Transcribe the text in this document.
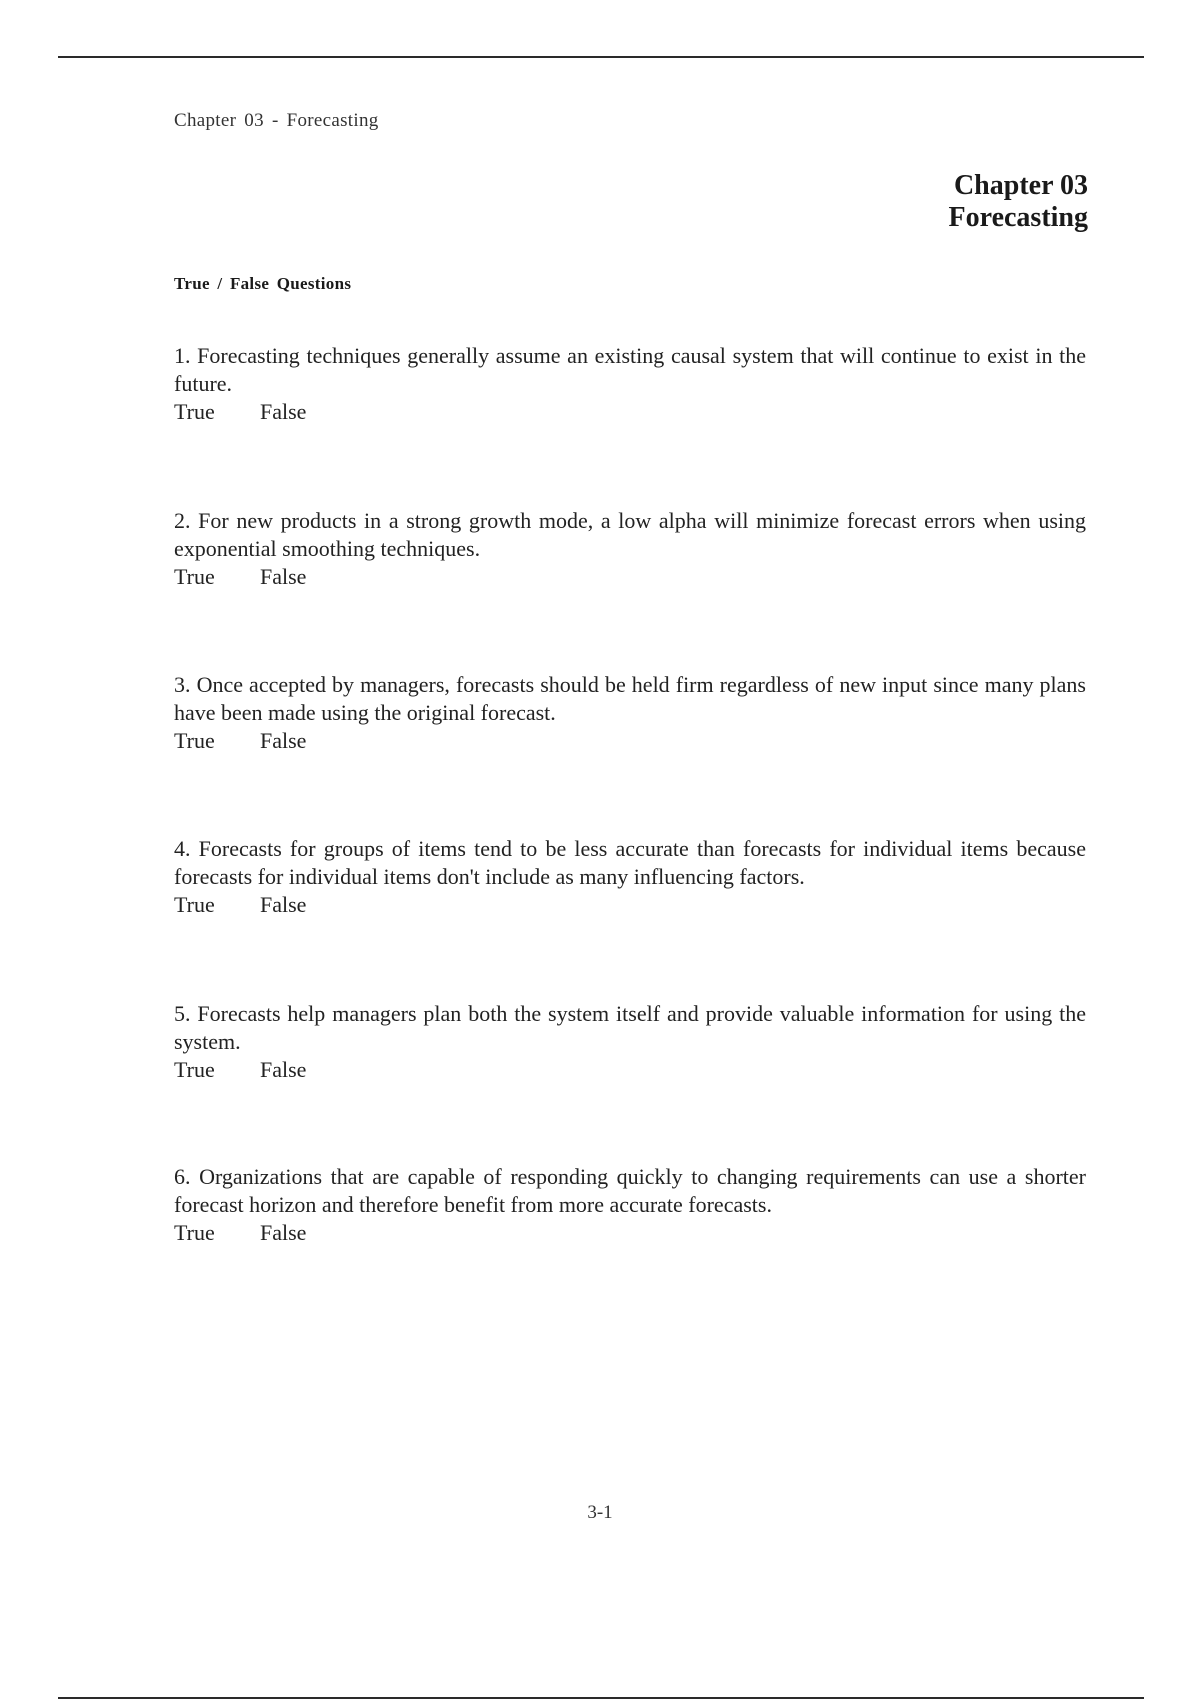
Chapter 03 - Forecasting
Chapter 03
Forecasting
True / False Questions
1. Forecasting techniques generally assume an existing causal system that will continue to exist in the future.
True False
2. For new products in a strong growth mode, a low alpha will minimize forecast errors when using exponential smoothing techniques.
True False
3. Once accepted by managers, forecasts should be held firm regardless of new input since many plans have been made using the original forecast.
True False
4. Forecasts for groups of items tend to be less accurate than forecasts for individual items because forecasts for individual items don't include as many influencing factors.
True False
5. Forecasts help managers plan both the system itself and provide valuable information for using the system.
True False
6. Organizations that are capable of responding quickly to changing requirements can use a shorter forecast horizon and therefore benefit from more accurate forecasts.
True False
3-1
